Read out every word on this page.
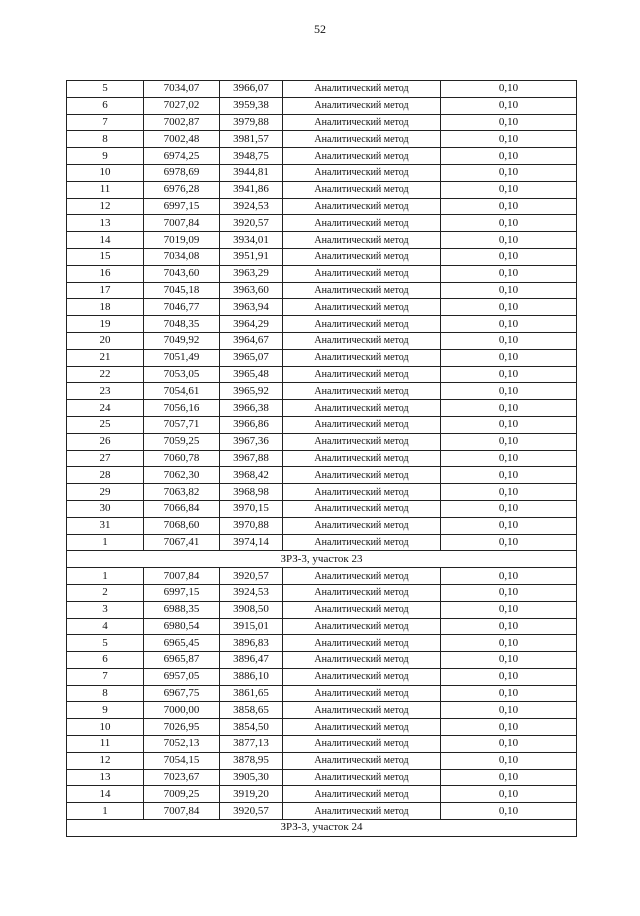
52
5	7034,07	3966,07	Аналитический метод	0,10
6	7027,02	3959,38	Аналитический метод	0,10
7	7002,87	3979,88	Аналитический метод	0,10
8	7002,48	3981,57	Аналитический метод	0,10
9	6974,25	3948,75	Аналитический метод	0,10
10	6978,69	3944,81	Аналитический метод	0,10
11	6976,28	3941,86	Аналитический метод	0,10
12	6997,15	3924,53	Аналитический метод	0,10
13	7007,84	3920,57	Аналитический метод	0,10
14	7019,09	3934,01	Аналитический метод	0,10
15	7034,08	3951,91	Аналитический метод	0,10
16	7043,60	3963,29	Аналитический метод	0,10
17	7045,18	3963,60	Аналитический метод	0,10
18	7046,77	3963,94	Аналитический метод	0,10
19	7048,35	3964,29	Аналитический метод	0,10
20	7049,92	3964,67	Аналитический метод	0,10
21	7051,49	3965,07	Аналитический метод	0,10
22	7053,05	3965,48	Аналитический метод	0,10
23	7054,61	3965,92	Аналитический метод	0,10
24	7056,16	3966,38	Аналитический метод	0,10
25	7057,71	3966,86	Аналитический метод	0,10
26	7059,25	3967,36	Аналитический метод	0,10
27	7060,78	3967,88	Аналитический метод	0,10
28	7062,30	3968,42	Аналитический метод	0,10
29	7063,82	3968,98	Аналитический метод	0,10
30	7066,84	3970,15	Аналитический метод	0,10
31	7068,60	3970,88	Аналитический метод	0,10
1	7067,41	3974,14	Аналитический метод	0,10
ЗРЗ-3, участок 23				
1	7007,84	3920,57	Аналитический метод	0,10
2	6997,15	3924,53	Аналитический метод	0,10
3	6988,35	3908,50	Аналитический метод	0,10
4	6980,54	3915,01	Аналитический метод	0,10
5	6965,45	3896,83	Аналитический метод	0,10
6	6965,87	3896,47	Аналитический метод	0,10
7	6957,05	3886,10	Аналитический метод	0,10
8	6967,75	3861,65	Аналитический метод	0,10
9	7000,00	3858,65	Аналитический метод	0,10
10	7026,95	3854,50	Аналитический метод	0,10
11	7052,13	3877,13	Аналитический метод	0,10
12	7054,15	3878,95	Аналитический метод	0,10
13	7023,67	3905,30	Аналитический метод	0,10
14	7009,25	3919,20	Аналитический метод	0,10
1	7007,84	3920,57	Аналитический метод	0,10
ЗРЗ-3, участок 24				
